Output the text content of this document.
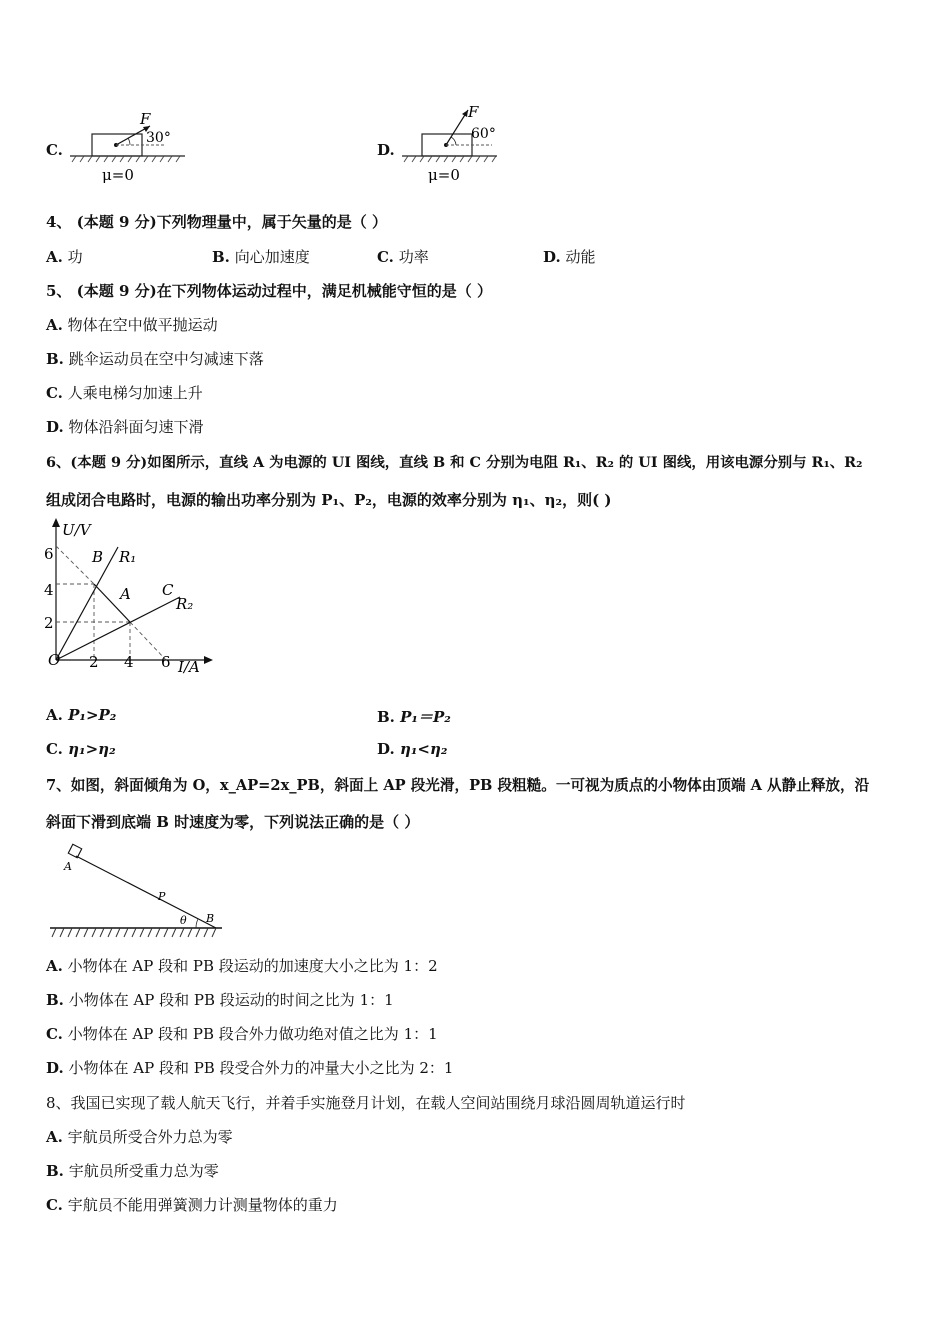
C.
F
30°
μ=0
D.
F
60°
μ=0
4、 (本题 9 分)下列物理量中，属于矢量的是（ ）
A. 功	B. 向心加速度	C. 功率	D. 动能
5、 (本题 9 分)在下列物体运动过程中，满足机械能守恒的是（ ）
A. 物体在空中做平抛运动
B. 跳伞运动员在空中匀减速下落
C. 人乘电梯匀加速上升
D. 物体沿斜面匀速下滑
6、(本题 9 分)如图所示，直线 A 为电源的 UI 图线，直线 B 和 C 分别为电阻 R₁、R₂ 的 UI 图线，用该电源分别与 R₁、R₂
组成闭合电路时，电源的输出功率分别为 P₁、P₂，电源的效率分别为 η₁、η₂，则( )
U/V
I/A
O
6
4
2
2 4 6
B R₁
A C
R₂
A. P₁>P₂	B. P₁＝P₂
C. η₁>η₂	D. η₁<η₂
7、如图，斜面倾角为 O，x_AP=2x_PB，斜面上 AP 段光滑，PB 段粗糙。一可视为质点的小物体由顶端 A 从静止释放，沿
斜面下滑到底端 B 时速度为零，下列说法正确的是（ ）
A
P
B
θ
A. 小物体在 AP 段和 PB 段运动的加速度大小之比为 1：2
B. 小物体在 AP 段和 PB 段运动的时间之比为 1：1
C. 小物体在 AP 段和 PB 段合外力做功绝对值之比为 1：1
D. 小物体在 AP 段和 PB 段受合外力的冲量大小之比为 2：1
8、我国已实现了载人航天飞行，并着手实施登月计划，在载人空间站围绕月球沿圆周轨道运行时
A. 宇航员所受合外力总为零
B. 宇航员所受重力总为零
C. 宇航员不能用弹簧测力计测量物体的重力
